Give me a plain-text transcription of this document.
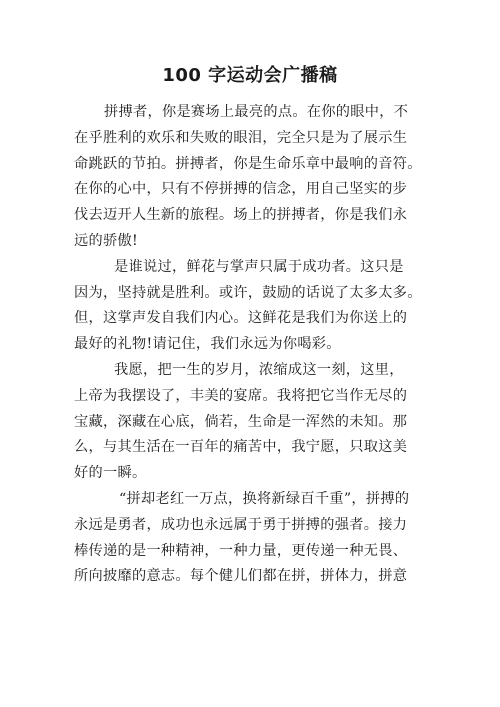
100 字运动会广播稿
拼搏者，你是赛场上最亮的点。在你的眼中，不
在乎胜利的欢乐和失败的眼泪，完全只是为了展示生
命跳跃的节拍。拼搏者，你是生命乐章中最响的音符。
在你的心中，只有不停拼搏的信念，用自己坚实的步
伐去迈开人生新的旅程。场上的拼搏者，你是我们永
远的骄傲!
是谁说过，鲜花与掌声只属于成功者。这只是
因为，坚持就是胜利。或许，鼓励的话说了太多太多。
但，这掌声发自我们内心。这鲜花是我们为你送上的
最好的礼物!请记住，我们永远为你喝彩。
我愿，把一生的岁月，浓缩成这一刻，这里，
上帝为我摆设了，丰美的宴席。我将把它当作无尽的
宝藏，深藏在心底，倘若，生命是一浑然的未知。那
么，与其生活在一百年的痛苦中，我宁愿，只取这美
好的一瞬。
“拼却老红一万点，换将新绿百千重”，拼搏的
永远是勇者，成功也永远属于勇于拼搏的强者。接力
棒传递的是一种精神，一种力量，更传递一种无畏、
所向披靡的意志。每个健儿们都在拼，拼体力，拼意
